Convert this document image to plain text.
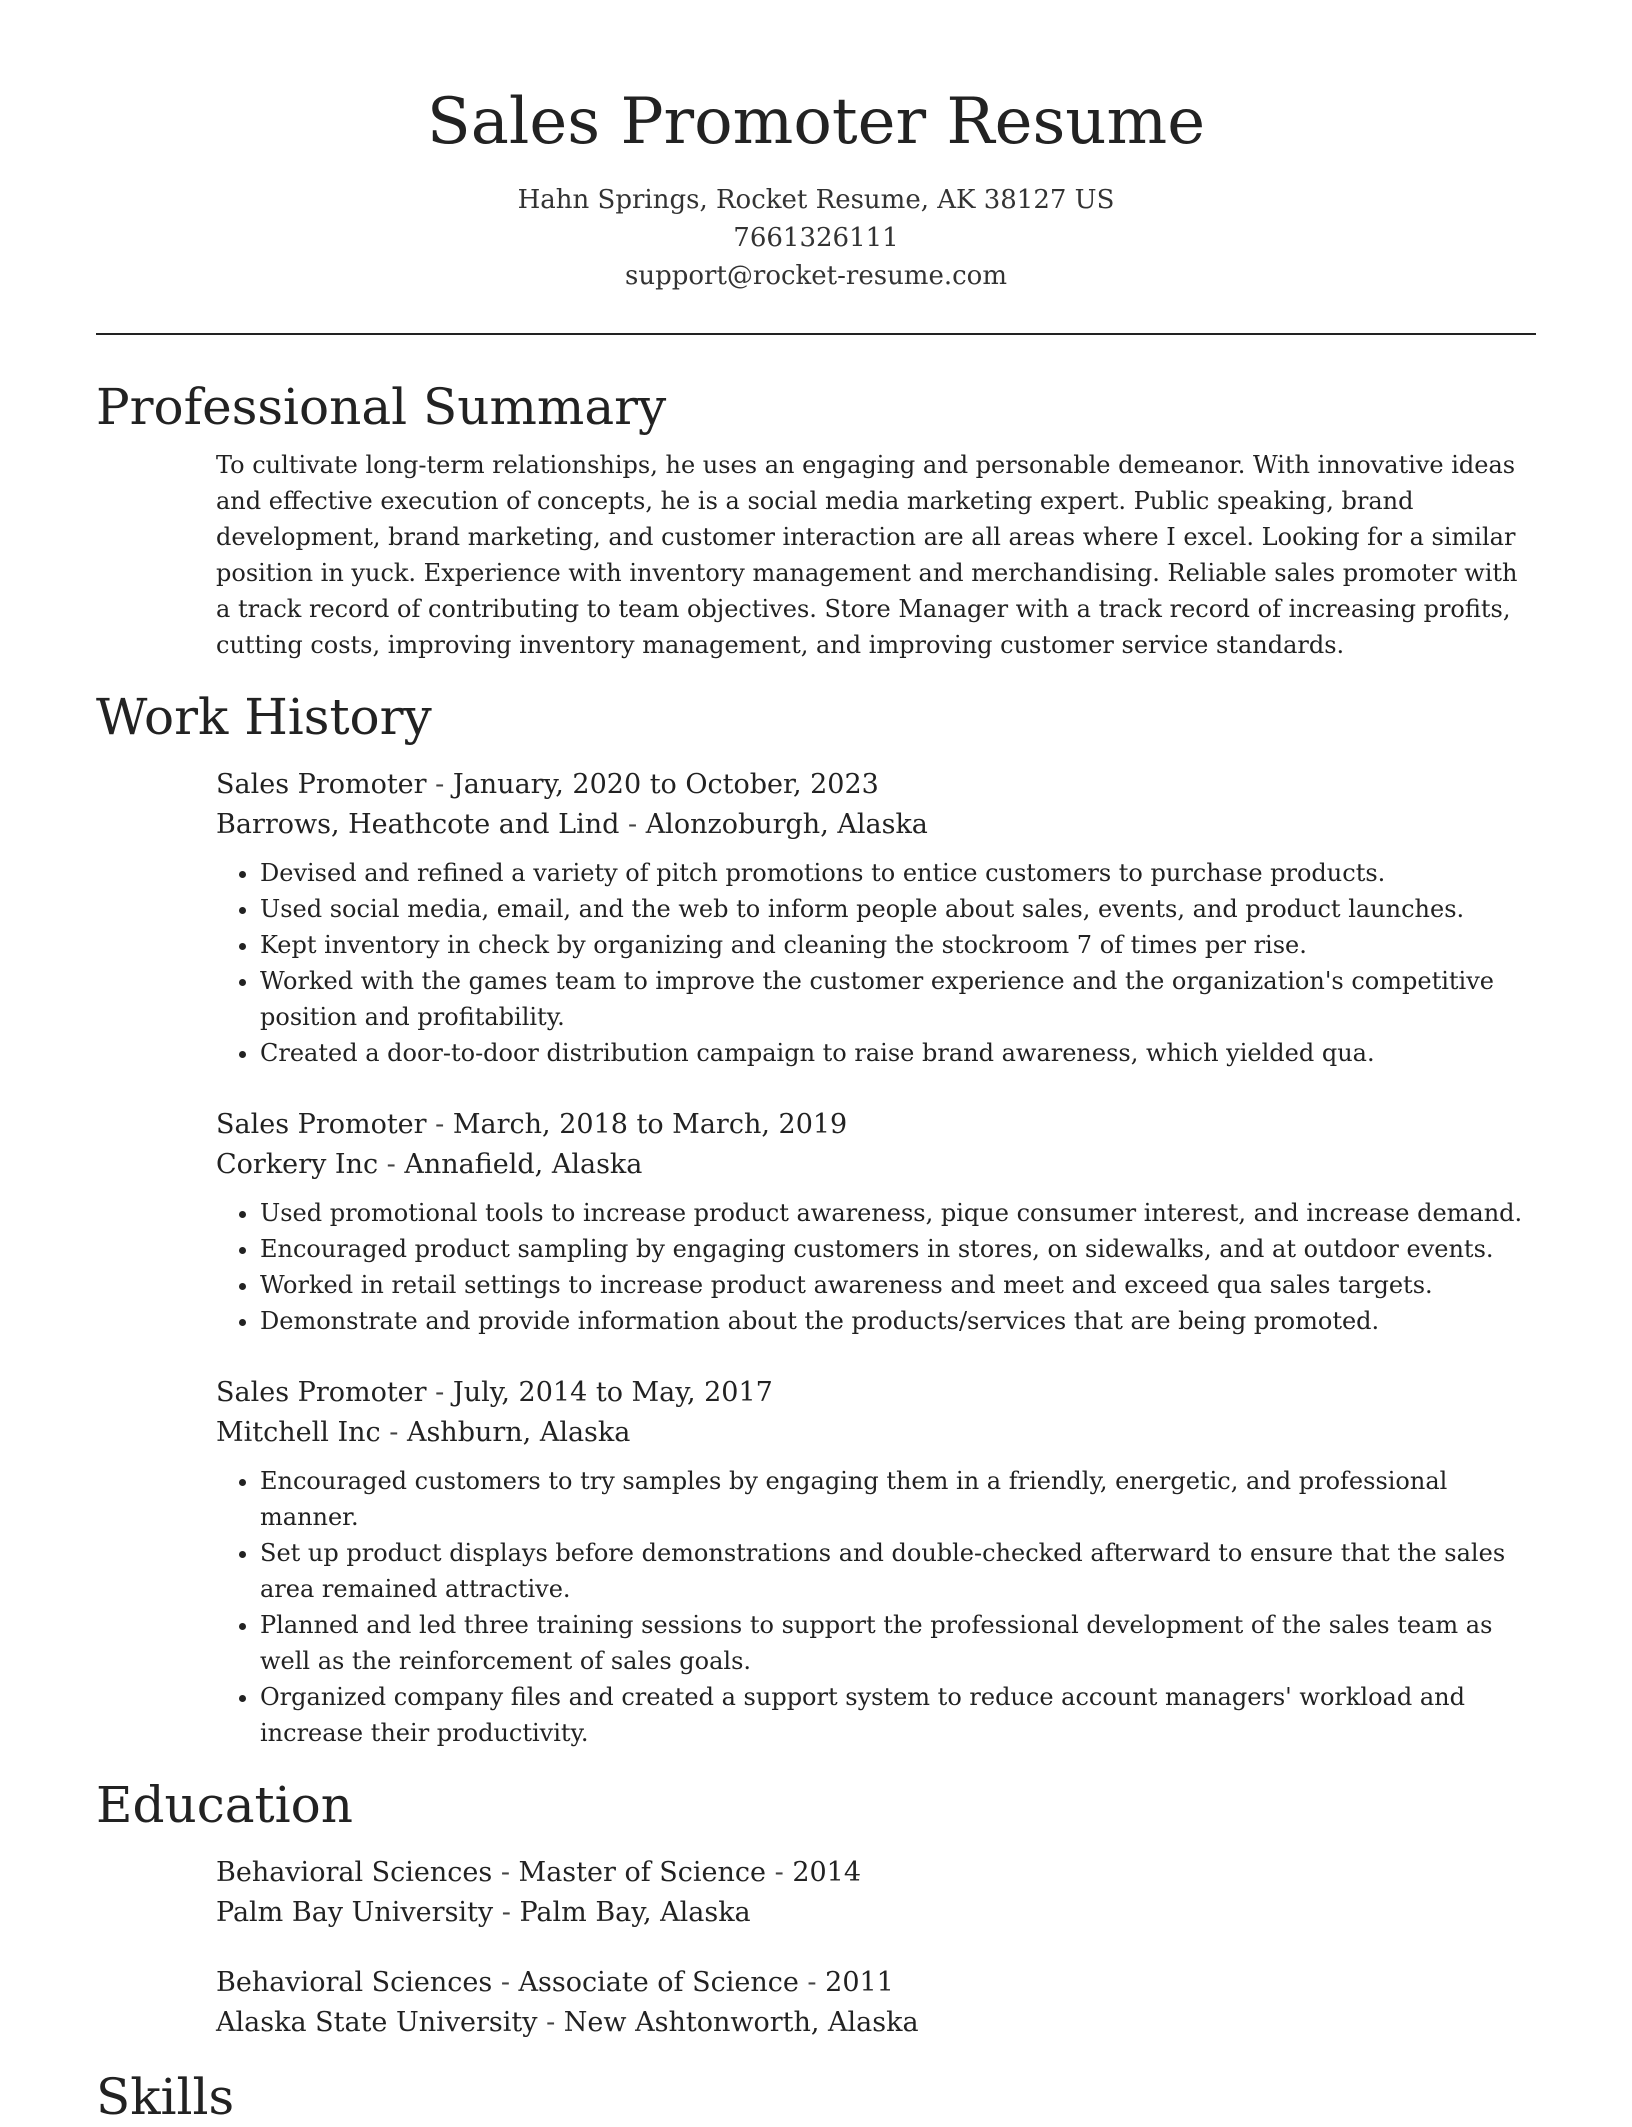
Sales Promoter Resume
Hahn Springs, Rocket Resume, AK 38127 US
7661326111
support@rocket-resume.com
Professional Summary

To cultivate long-term relationships, he uses an engaging and personable demeanor. With innovative ideas and effective execution of concepts, he is a social media marketing expert. Public speaking, brand development, brand marketing, and customer interaction are all areas where I excel. Looking for a similar position in yuck. Experience with inventory management and merchandising. Reliable sales promoter with a track record of contributing to team objectives. Store Manager with a track record of increasing profits, cutting costs, improving inventory management, and improving customer service standards.

Work History
Sales Promoter - January, 2020 to October, 2023
Barrows, Heathcote and Lind - Alonzoburgh, Alaska
• Devised and refined a variety of pitch promotions to entice customers to purchase products.
• Used social media, email, and the web to inform people about sales, events, and product launches.
• Kept inventory in check by organizing and cleaning the stockroom 7 of times per rise.
• Worked with the games team to improve the customer experience and the organization's competitive position and profitability.
• Created a door-to-door distribution campaign to raise brand awareness, which yielded qua.
Sales Promoter - March, 2018 to March, 2019
Corkery Inc - Annafield, Alaska
• Used promotional tools to increase product awareness, pique consumer interest, and increase demand.
• Encouraged product sampling by engaging customers in stores, on sidewalks, and at outdoor events.
• Worked in retail settings to increase product awareness and meet and exceed qua sales targets.
• Demonstrate and provide information about the products/services that are being promoted.
Sales Promoter - July, 2014 to May, 2017
Mitchell Inc - Ashburn, Alaska
• Encouraged customers to try samples by engaging them in a friendly, energetic, and professional manner.
• Set up product displays before demonstrations and double-checked afterward to ensure that the sales area remained attractive.
• Planned and led three training sessions to support the professional development of the sales team as well as the reinforcement of sales goals.
• Organized company files and created a support system to reduce account managers' workload and increase their productivity.
Education
Behavioral Sciences - Master of Science - 2014
Palm Bay University - Palm Bay, Alaska
Behavioral Sciences - Associate of Science - 2011
Alaska State University - New Ashtonworth, Alaska
Skills
